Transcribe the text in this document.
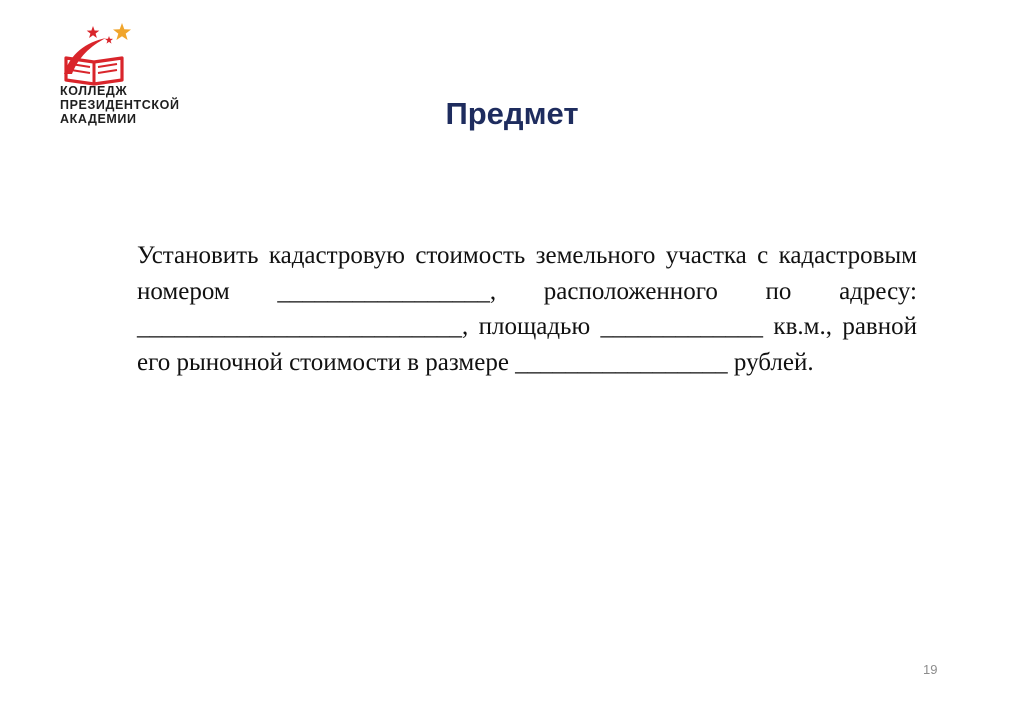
КОЛЛЕДЖ
ПРЕЗИДЕНТСКОЙ
АКАДЕМИИ	Предмет
Установить кадастровую стоимость земельного участка с кадастровым номером _________________, расположенного по адресу: __________________________, площадью _____________ кв.м., равной его рыночной стоимости в размере _________________ рублей.
19
